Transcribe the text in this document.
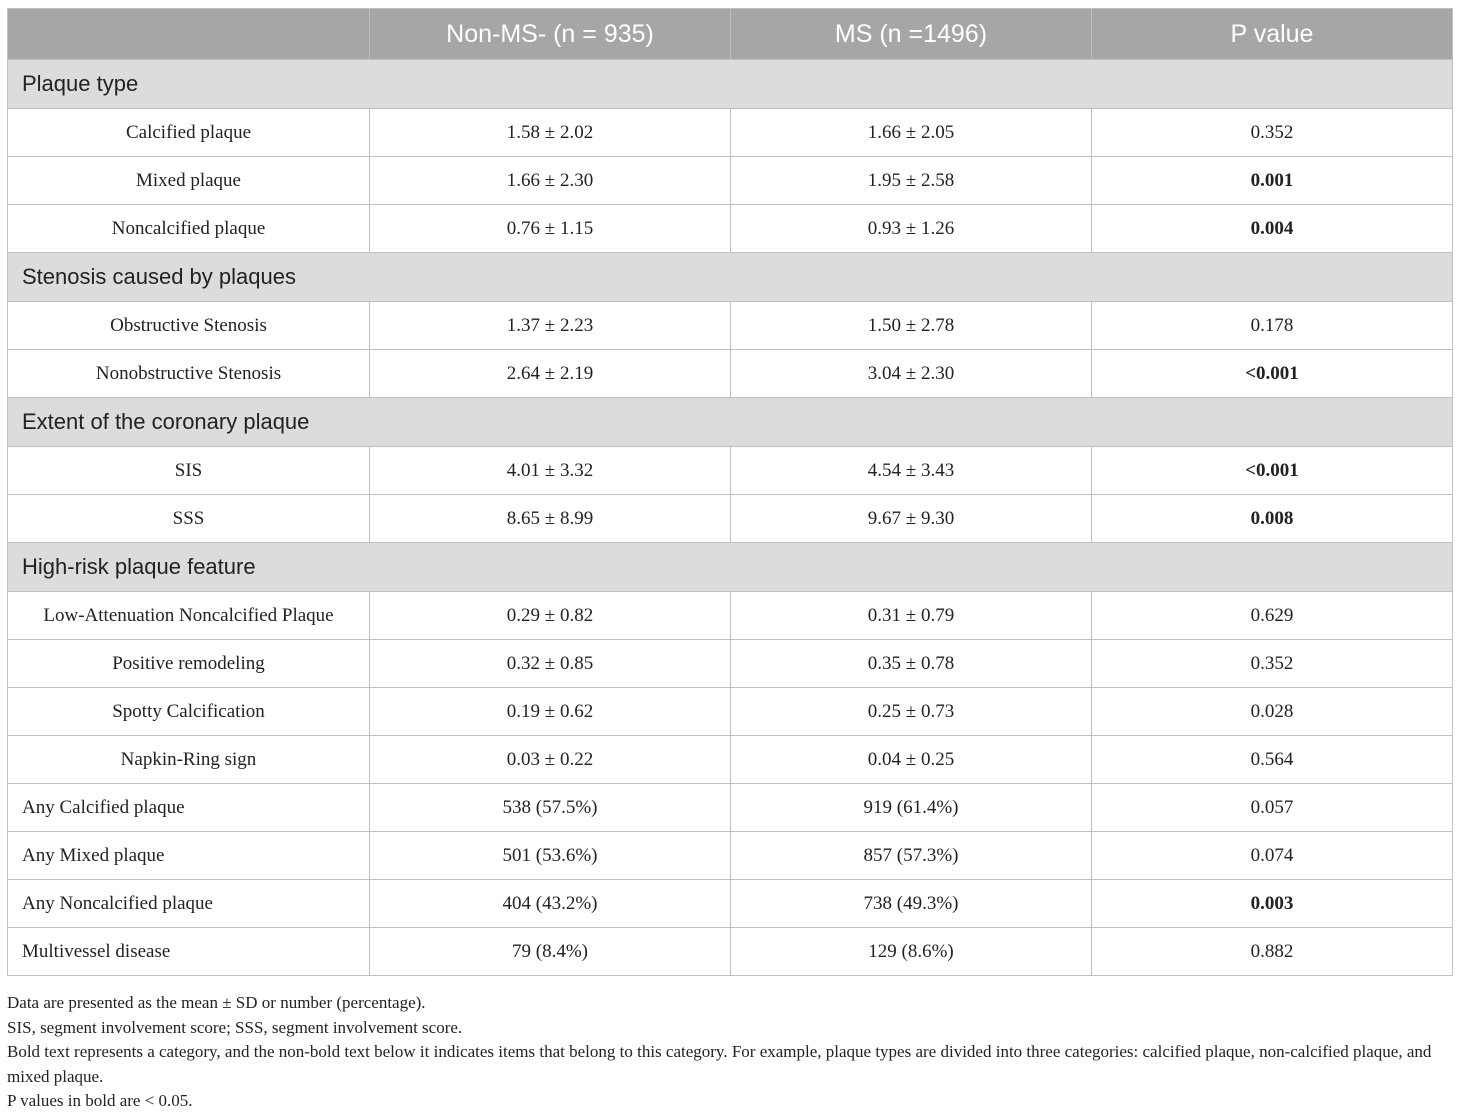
	Non-MS- (n = 935)	MS (n =1496)	P value
Plaque type			
Calcified plaque	1.58 ± 2.02	1.66 ± 2.05	0.352
Mixed plaque	1.66 ± 2.30	1.95 ± 2.58	0.001
Noncalcified plaque	0.76 ± 1.15	0.93 ± 1.26	0.004
Stenosis caused by plaques			
Obstructive Stenosis	1.37 ± 2.23	1.50 ± 2.78	0.178
Nonobstructive Stenosis	2.64 ± 2.19	3.04 ± 2.30	<0.001
Extent of the coronary plaque			
SIS	4.01 ± 3.32	4.54 ± 3.43	<0.001
SSS	8.65 ± 8.99	9.67 ± 9.30	0.008
High-risk plaque feature			
Low-Attenuation Noncalcified Plaque	0.29 ± 0.82	0.31 ± 0.79	0.629
Positive remodeling	0.32 ± 0.85	0.35 ± 0.78	0.352
Spotty Calcification	0.19 ± 0.62	0.25 ± 0.73	0.028
Napkin-Ring sign	0.03 ± 0.22	0.04 ± 0.25	0.564
Any Calcified plaque	538 (57.5%)	919 (61.4%)	0.057
Any Mixed plaque	501 (53.6%)	857 (57.3%)	0.074
Any Noncalcified plaque	404 (43.2%)	738 (49.3%)	0.003
Multivessel disease	79 (8.4%)	129 (8.6%)	0.882

Data are presented as the mean ± SD or number (percentage).

SIS, segment involvement score; SSS, segment involvement score.

Bold text represents a category, and the non-bold text below it indicates items that belong to this category. For example, plaque types are divided into three categories: calcified plaque, non-calcified plaque, and mixed plaque.

P values in bold are < 0.05.
